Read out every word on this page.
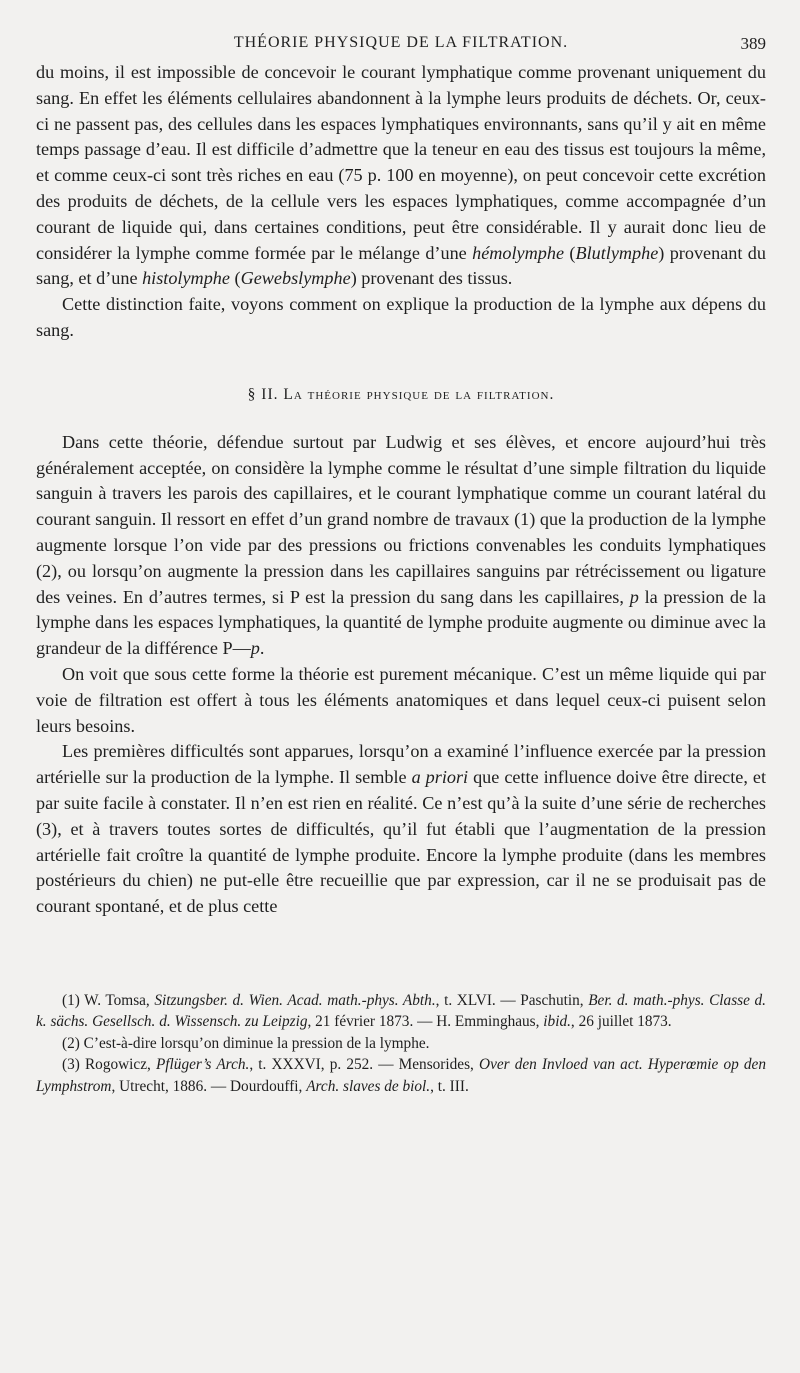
THÉORIE PHYSIQUE DE LA FILTRATION.	389

du moins, il est impossible de concevoir le courant lymphatique comme provenant uniquement du sang. En effet les éléments cellulaires abandonnent à la lymphe leurs produits de déchets. Or, ceux-ci ne passent pas, des cellules dans les espaces lymphatiques environnants, sans qu’il y ait en même temps passage d’eau. Il est difficile d’admettre que la teneur en eau des tissus est toujours la même, et comme ceux-ci sont très riches en eau (75 p. 100 en moyenne), on peut concevoir cette excrétion des produits de déchets, de la cellule vers les espaces lymphatiques, comme accompagnée d’un courant de liquide qui, dans certaines conditions, peut être considérable. Il y aurait donc lieu de considérer la lymphe comme formée par le mélange d’une hémolymphe (Blutlymphe) provenant du sang, et d’une histolymphe (Gewebslymphe) provenant des tissus.

Cette distinction faite, voyons comment on explique la production de la lymphe aux dépens du sang.

§ II. La théorie physique de la filtration.

Dans cette théorie, défendue surtout par Ludwig et ses élèves, et encore aujourd’hui très généralement acceptée, on considère la lymphe comme le résultat d’une simple filtration du liquide sanguin à travers les parois des capillaires, et le courant lymphatique comme un courant latéral du courant sanguin. Il ressort en effet d’un grand nombre de travaux (1) que la production de la lymphe augmente lorsque l’on vide par des pressions ou frictions convenables les conduits lymphatiques (2), ou lorsqu’on augmente la pression dans les capillaires sanguins par rétrécissement ou ligature des veines. En d’autres termes, si P est la pression du sang dans les capillaires, p la pression de la lymphe dans les espaces lymphatiques, la quantité de lymphe produite augmente ou diminue avec la grandeur de la différence P—p.

On voit que sous cette forme la théorie est purement mécanique. C’est un même liquide qui par voie de filtration est offert à tous les éléments anatomiques et dans lequel ceux-ci puisent selon leurs besoins.

Les premières difficultés sont apparues, lorsqu’on a examiné l’influence exercée par la pression artérielle sur la production de la lymphe. Il semble a priori que cette influence doive être directe, et par suite facile à constater. Il n’en est rien en réalité. Ce n’est qu’à la suite d’une série de recherches (3), et à travers toutes sortes de difficultés, qu’il fut établi que l’augmentation de la pression artérielle fait croître la quantité de lymphe produite. Encore la lymphe produite (dans les membres postérieurs du chien) ne put-elle être recueillie que par expression, car il ne se produisait pas de courant spontané, et de plus cette

(1) W. Tomsa, Sitzungsber. d. Wien. Acad. math.-phys. Abth., t. XLVI. — Paschutin, Ber. d. math.-phys. Classe d. k. sächs. Gesellsch. d. Wissensch. zu Leipzig, 21 février 1873. — H. Emminghaus, ibid., 26 juillet 1873.

(2) C’est-à-dire lorsqu’on diminue la pression de la lymphe.

(3) Rogowicz, Pflüger’s Arch., t. XXXVI, p. 252. — Mensorides, Over den Invloed van act. Hyperœmie op den Lymphstrom, Utrecht, 1886. — Dourdouffi, Arch. slaves de biol., t. III.
